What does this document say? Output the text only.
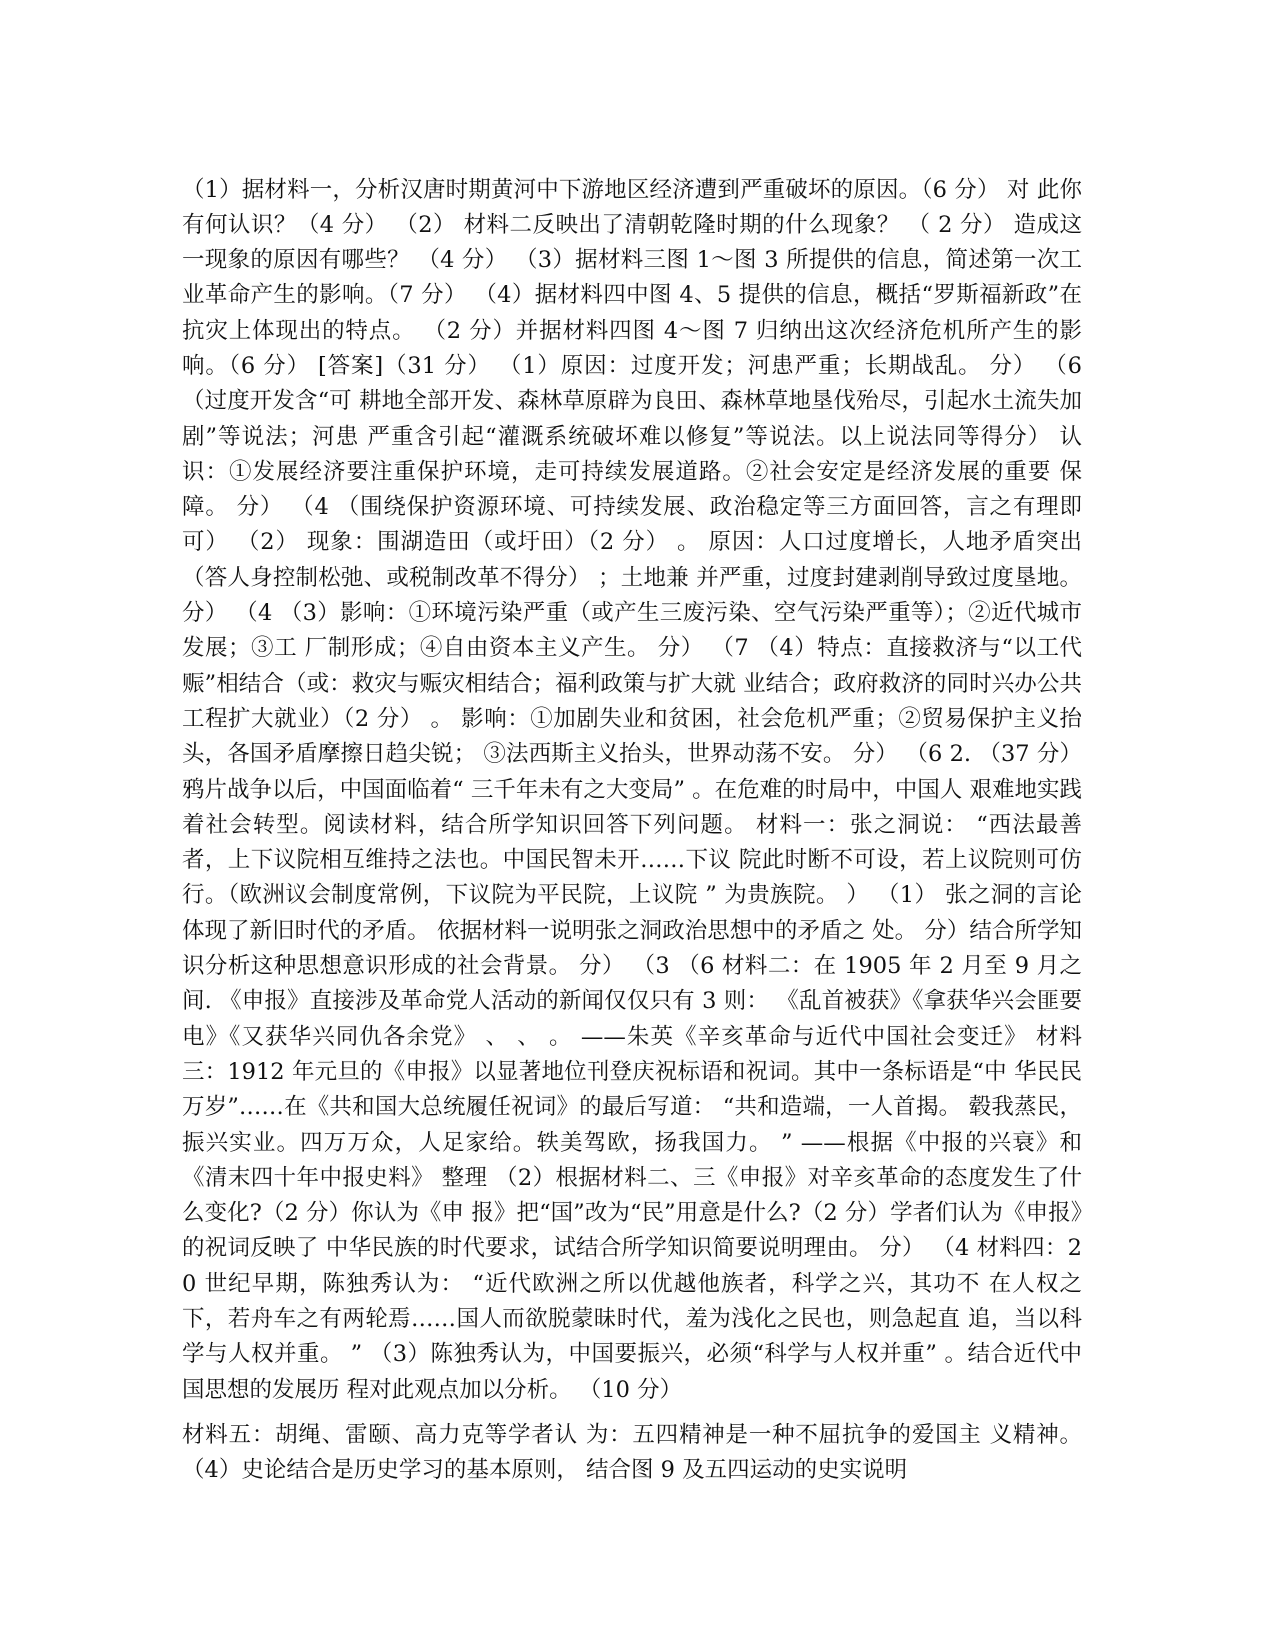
（1）据材料一，分析汉唐时期黄河中下游地区经济遭到严重破坏的原因。（6 分） 对 此你有何认识？（4 分） （2） 材料二反映出了清朝乾隆时期的什么现象？ （ 2 分） 造成这一现象的原因有哪些？ （4 分） （3）据材料三图 1～图 3 所提供的信息，简述第一次工业革命产生的影响。（7 分） （4）据材料四中图 4、5 提供的信息，概括“罗斯福新政”在抗灾上体现出的特点。 （2 分）并据材料四图 4～图 7 归纳出这次经济危机所产生的影响。（6 分） [答案]（31 分） （1）原因：过度开发；河患严重；长期战乱。 分） （6 （过度开发含“可 耕地全部开发、森林草原辟为良田、森林草地垦伐殆尽，引起水土流失加剧”等说法；河患 严重含引起“灌溉系统破坏难以修复”等说法。以上说法同等得分） 认识：①发展经济要注重保护环境，走可持续发展道路。②社会安定是经济发展的重要 保障。 分） （4 （围绕保护资源环境、可持续发展、政治稳定等三方面回答，言之有理即可） （2） 现象：围湖造田（或圩田）（2 分） 。 原因：人口过度增长，人地矛盾突出（答人身控制松弛、或税制改革不得分） ；土地兼 并严重，过度封建剥削导致过度垦地。 分） （4 （3）影响：①环境污染严重（或产生三废污染、空气污染严重等）；②近代城市发展；③工 厂制形成；④自由资本主义产生。 分） （7 （4）特点：直接救济与“以工代赈”相结合（或：救灾与赈灾相结合；福利政策与扩大就 业结合；政府救济的同时兴办公共工程扩大就业）（2 分） 。 影响：①加剧失业和贫困，社会危机严重；②贸易保护主义抬头，各国矛盾摩擦日趋尖锐； ③法西斯主义抬头，世界动荡不安。 分） （6 2. （37 分）鸦片战争以后，中国面临着“ 三千年未有之大变局” 。在危难的时局中，中国人 艰难地实践着社会转型。阅读材料，结合所学知识回答下列问题。 材料一：张之洞说： “西法最善者，上下议院相互维持之法也。中国民智未开……下议 院此时断不可设，若上议院则可仿行。（欧洲议会制度常例，下议院为平民院，上议院 ” 为贵族院。 ） （1） 张之洞的言论体现了新旧时代的矛盾。 依据材料一说明张之洞政治思想中的矛盾之 处。 分）结合所学知识分析这种思想意识形成的社会背景。 分） （3 （6 材料二：在 1905 年 2 月至 9 月之间. 《申报》直接涉及革命党人活动的新闻仅仅只有 3 则： 《乱首被获》《拿获华兴会匪要电》《又获华兴同仇各余党》 、 、 。 ——朱英《辛亥革命与近代中国社会变迁》 材料三：1912 年元旦的《申报》以显著地位刊登庆祝标语和祝词。其中一条标语是“中 华民民万岁”……在《共和国大总统履任祝词》的最后写道： “共和造端，一人首揭。 毂我蒸民，振兴实业。四万万众，人足家给。轶美驾欧，扬我国力。 ” ——根据《中报的兴衰》和《清末四十年中报史料》 整理 （2）根据材料二、三《申报》对辛亥革命的态度发生了什么变化?（2 分）你认为《申 报》把“国”改为“民”用意是什么?（2 分）学者们认为《申报》的祝词反映了 中华民族的时代要求，试结合所学知识简要说明理由。 分） （4 材料四：20 世纪早期，陈独秀认为： “近代欧洲之所以优越他族者，科学之兴，其功不 在人权之下，若舟车之有两轮焉……国人而欲脱蒙昧时代，羞为浅化之民也，则急起直 追，当以科学与人权并重。 ” （3）陈独秀认为，中国要振兴，必须“科学与人权并重” 。结合近代中国思想的发展历 程对此观点加以分析。 （10 分）

材料五：胡绳、雷颐、高力克等学者认 为：五四精神是一种不屈抗争的爱国主 义精神。 （4）史论结合是历史学习的基本原则， 结合图 9 及五四运动的史实说明
